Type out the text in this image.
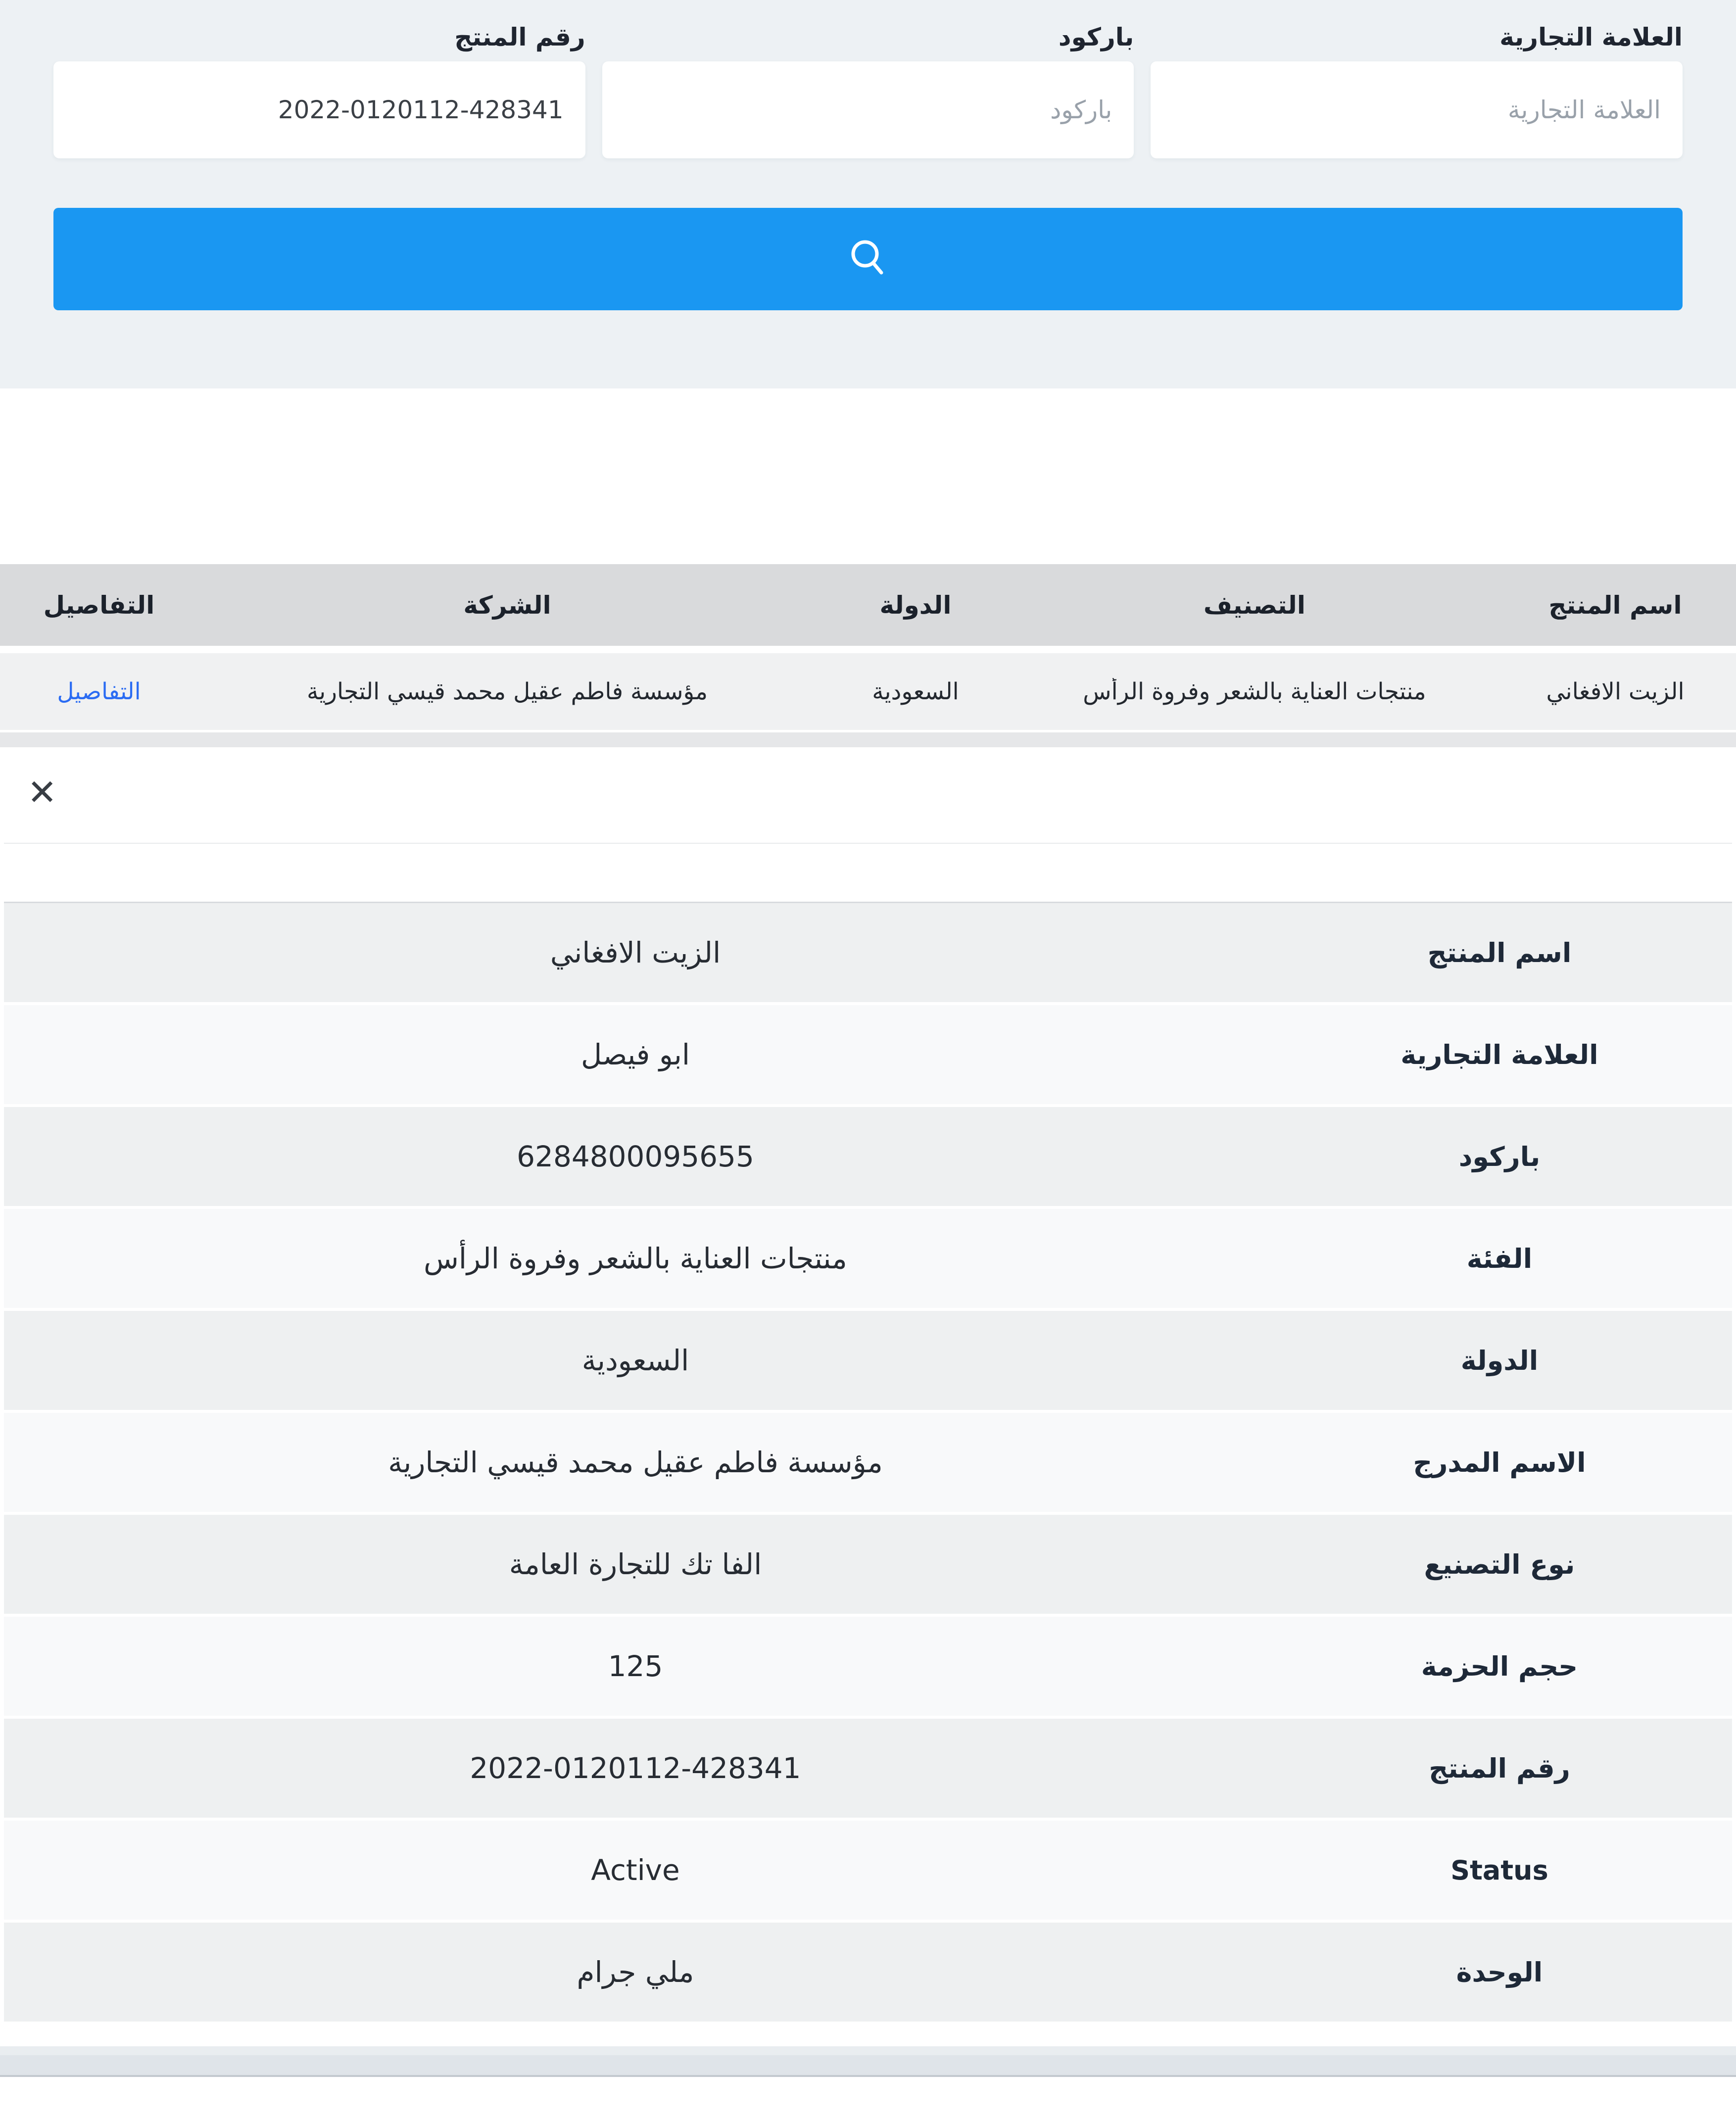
العلامة التجارية
العلامة التجارية
باركود
باركود
رقم المنتج
2022-0120112-428341
اسم المنتج
التصنيف
الدولة
الشركة
التفاصيل
الزيت الافغاني
منتجات العناية بالشعر وفروة الرأس
السعودية
مؤسسة فاطم عقيل محمد قيسي التجارية
التفاصيل
✕
اسم المنتج
الزيت الافغاني
العلامة التجارية
ابو فيصل
باركود
6284800095655
الفئة
منتجات العناية بالشعر وفروة الرأس
الدولة
السعودية
الاسم المدرج
مؤسسة فاطم عقيل محمد قيسي التجارية
نوع التصنيع
الفا تك للتجارة العامة
حجم الحزمة
125
رقم المنتج
2022-0120112-428341
Status
Active
الوحدة
ملي جرام
